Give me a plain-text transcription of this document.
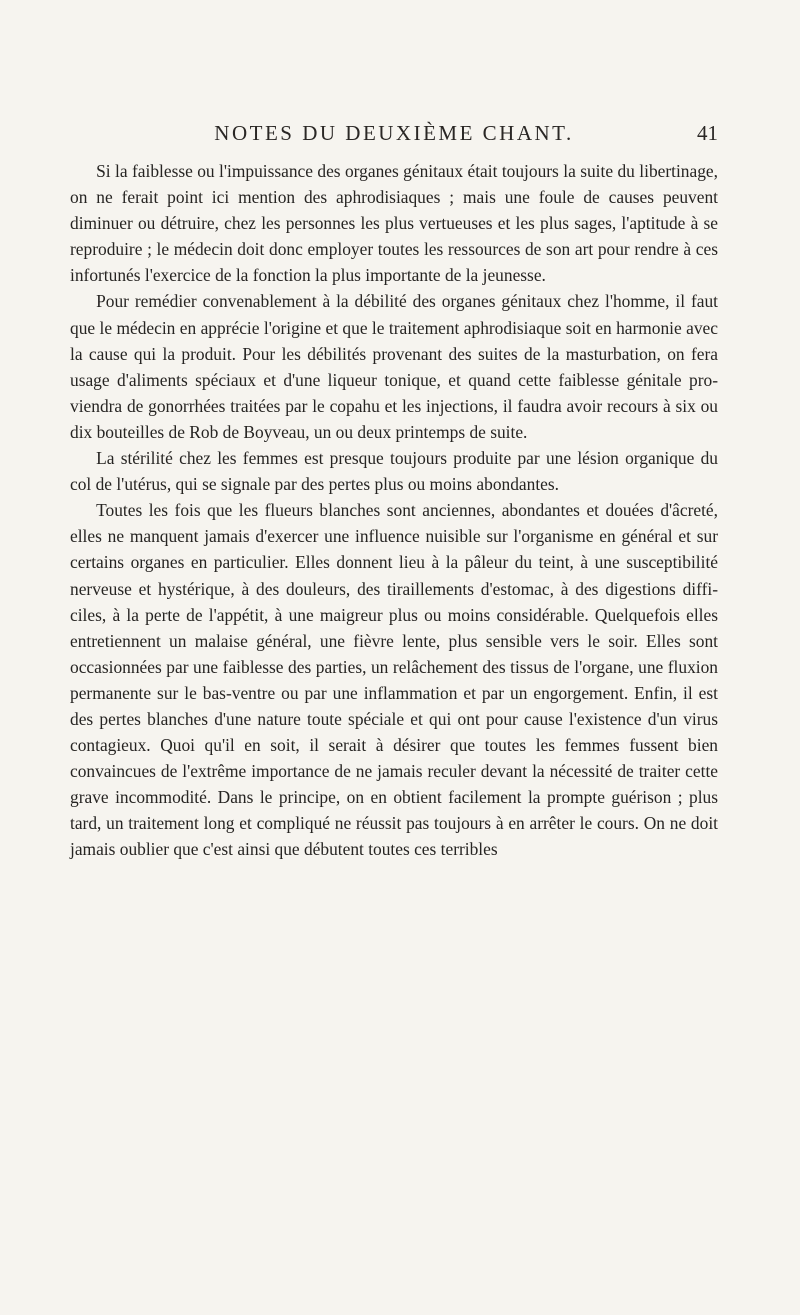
NOTES DU DEUXIÈME CHANT.	41

Si la faiblesse ou l'impuissance des organes génitaux était toujours la suite du libertinage, on ne ferait point ici mention des aphrodisiaques ; mais une foule de causes peuvent diminuer ou détruire, chez les personnes les plus vertueuses et les plus sages, l'aptitude à se reproduire ; le médecin doit donc employer toutes les ressources de son art pour rendre à ces infortunés l'exercice de la fonction la plus importante de la jeunesse.

Pour remédier convenablement à la débilité des organes génitaux chez l'homme, il faut que le médecin en apprécie l'origine et que le traitement aphrodisiaque soit en harmonie avec la cause qui la produit. Pour les débilités provenant des suites de la masturbation, on fera usage d'aliments spéciaux et d'une liqueur tonique, et quand cette faiblesse génitale proviendra de gonorrhées traitées par le copahu et les injections, il faudra avoir recours à six ou dix bouteilles de Rob de Boyveau, un ou deux printemps de suite.

La stérilité chez les femmes est presque toujours produite par une lésion organique du col de l'utérus, qui se signale par des pertes plus ou moins abondantes.

Toutes les fois que les flueurs blanches sont anciennes, abondantes et douées d'âcreté, elles ne manquent jamais d'exercer une influence nuisible sur l'organisme en général et sur certains organes en particulier. Elles donnent lieu à la pâleur du teint, à une susceptibilité nerveuse et hystérique, à des douleurs, des tiraillements d'estomac, à des digestions difficiles, à la perte de l'appétit, à une maigreur plus ou moins considérable. Quelquefois elles entretiennent un malaise général, une fièvre lente, plus sensible vers le soir. Elles sont occasionnées par une faiblesse des parties, un relâchement des tissus de l'organe, une fluxion permanente sur le bas-ventre ou par une inflammation et par un engorgement. Enfin, il est des pertes blanches d'une nature toute spéciale et qui ont pour cause l'existence d'un virus contagieux. Quoi qu'il en soit, il serait à désirer que toutes les femmes fussent bien convaincues de l'extrême importance de ne jamais reculer devant la nécessité de traiter cette grave incommodité. Dans le principe, on en obtient facilement la prompte guérison ; plus tard, un traitement long et compliqué ne réussit pas toujours à en arrêter le cours. On ne doit jamais oublier que c'est ainsi que débutent toutes ces terribles
